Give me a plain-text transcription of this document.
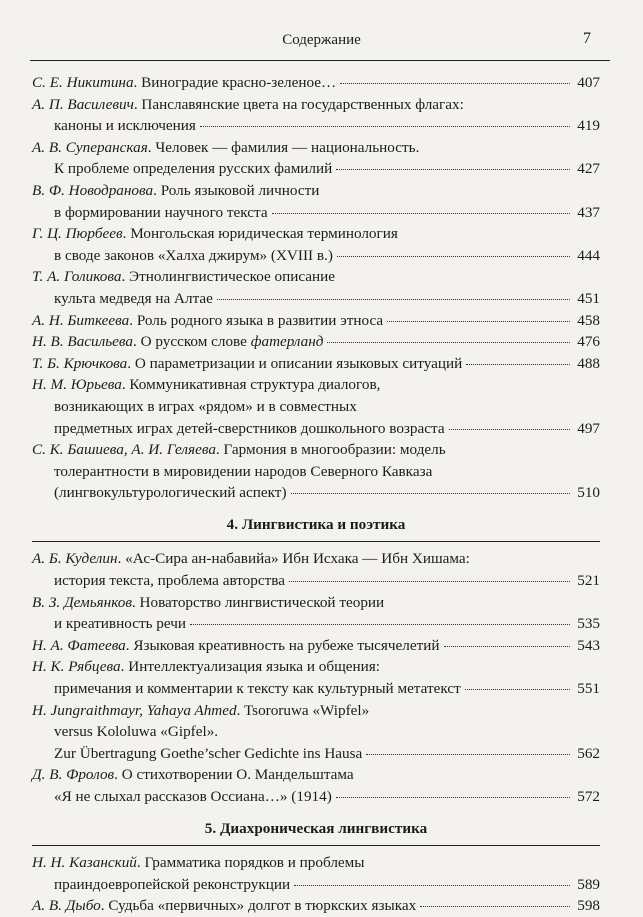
Содержание	7
С. Е. Никитина. Виноградие красно-зеленое…	407
А. П. Василевич. Панславянские цвета на государственных флагах:
каноны и исключения	419
А. В. Суперанская. Человек — фамилия — национальность.
К проблеме определения русских фамилий	427
В. Ф. Новодранова. Роль языковой личности
в формировании научного текста	437
Г. Ц. Пюрбеев. Монгольская юридическая терминология
в своде законов «Халха джирум» (XVIII в.)	444
Т. А. Голикова. Этнолингвистическое описание
культа медведя на Алтае	451
А. Н. Биткеева. Роль родного языка в развитии этноса	458
Н. В. Васильева. О русском слове фатерланд	476
Т. Б. Крючкова. О параметризации и описании языковых ситуаций	488
Н. М. Юрьева. Коммуникативная структура диалогов,
возникающих в играх «рядом» и в совместных
предметных играх детей-сверстников дошкольного возраста	497
С. К. Башиева, А. И. Геляева. Гармония в многообразии: модель
толерантности в мировидении народов Северного Кавказа
(лингвокультурологический аспект)	510
4. Лингвистика и поэтика
А. Б. Куделин. «Ас-Сира ан-набавийа» Ибн Исхака — Ибн Хишама:
история текста, проблема авторства	521
В. З. Демьянков. Новаторство лингвистической теории
и креативность речи	535
Н. А. Фатеева. Языковая креативность на рубеже тысячелетий	543
Н. К. Рябцева. Интеллектуализация языка и общения:
примечания и комментарии к тексту как культурный метатекст	551
H. Jungraithmayr, Yahaya Ahmed. Tsororuwa «Wipfel»
versus Kololuwa «Gipfel».
Zur Übertragung Goethe’scher Gedichte ins Hausa	562
Д. В. Фролов. О стихотворении О. Мандельштама
«Я не слыхал рассказов Оссиана…» (1914)	572
5. Диахроническая лингвистика
Н. Н. Казанский. Грамматика порядков и проблемы
праиндоевропейской реконструкции	589
А. В. Дыбо. Судьба «первичных» долгот в тюркских языках	598
